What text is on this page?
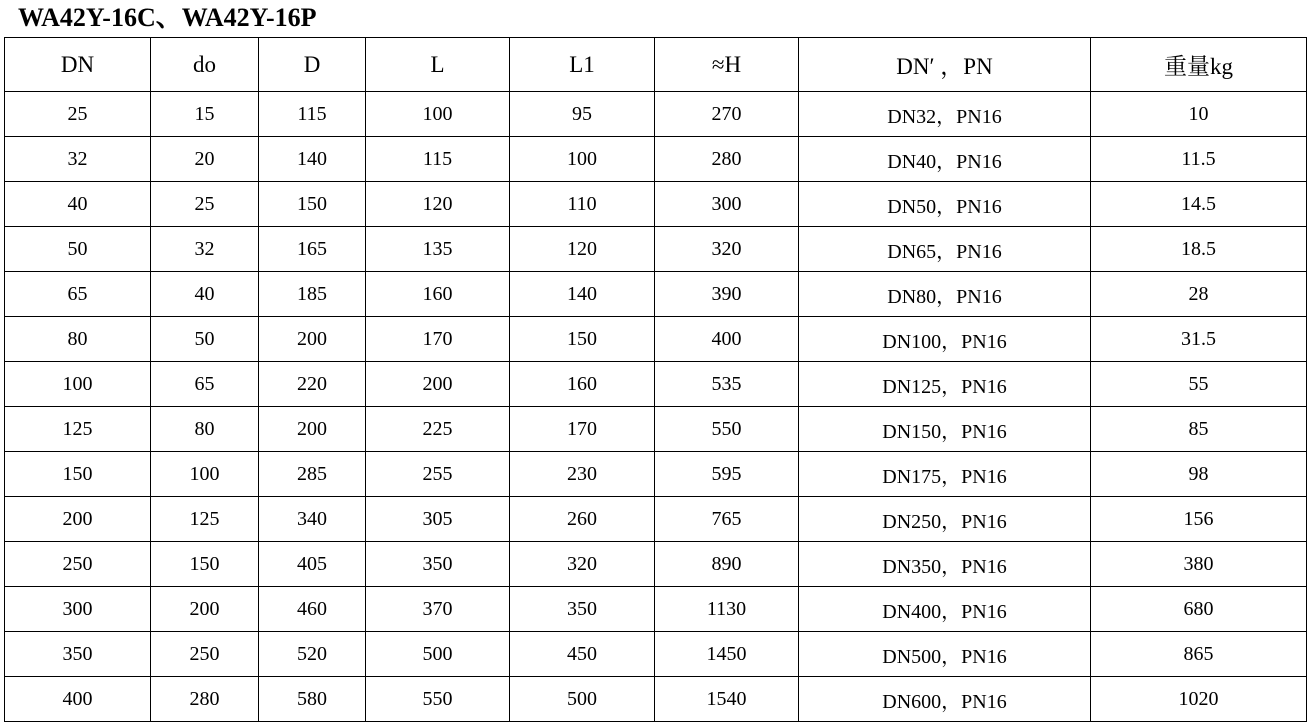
WA42Y-16C、WA42Y-16P
DN	do	D	L	L1	≈H	DN′ ，PN	重量kg
25	15	115	100	95	270	DN32，PN16	10
32	20	140	115	100	280	DN40，PN16	11.5
40	25	150	120	110	300	DN50，PN16	14.5
50	32	165	135	120	320	DN65，PN16	18.5
65	40	185	160	140	390	DN80，PN16	28
80	50	200	170	150	400	DN100，PN16	31.5
100	65	220	200	160	535	DN125，PN16	55
125	80	200	225	170	550	DN150，PN16	85
150	100	285	255	230	595	DN175，PN16	98
200	125	340	305	260	765	DN250，PN16	156
250	150	405	350	320	890	DN350，PN16	380
300	200	460	370	350	1130	DN400，PN16	680
350	250	520	500	450	1450	DN500，PN16	865
400	280	580	550	500	1540	DN600，PN16	1020
